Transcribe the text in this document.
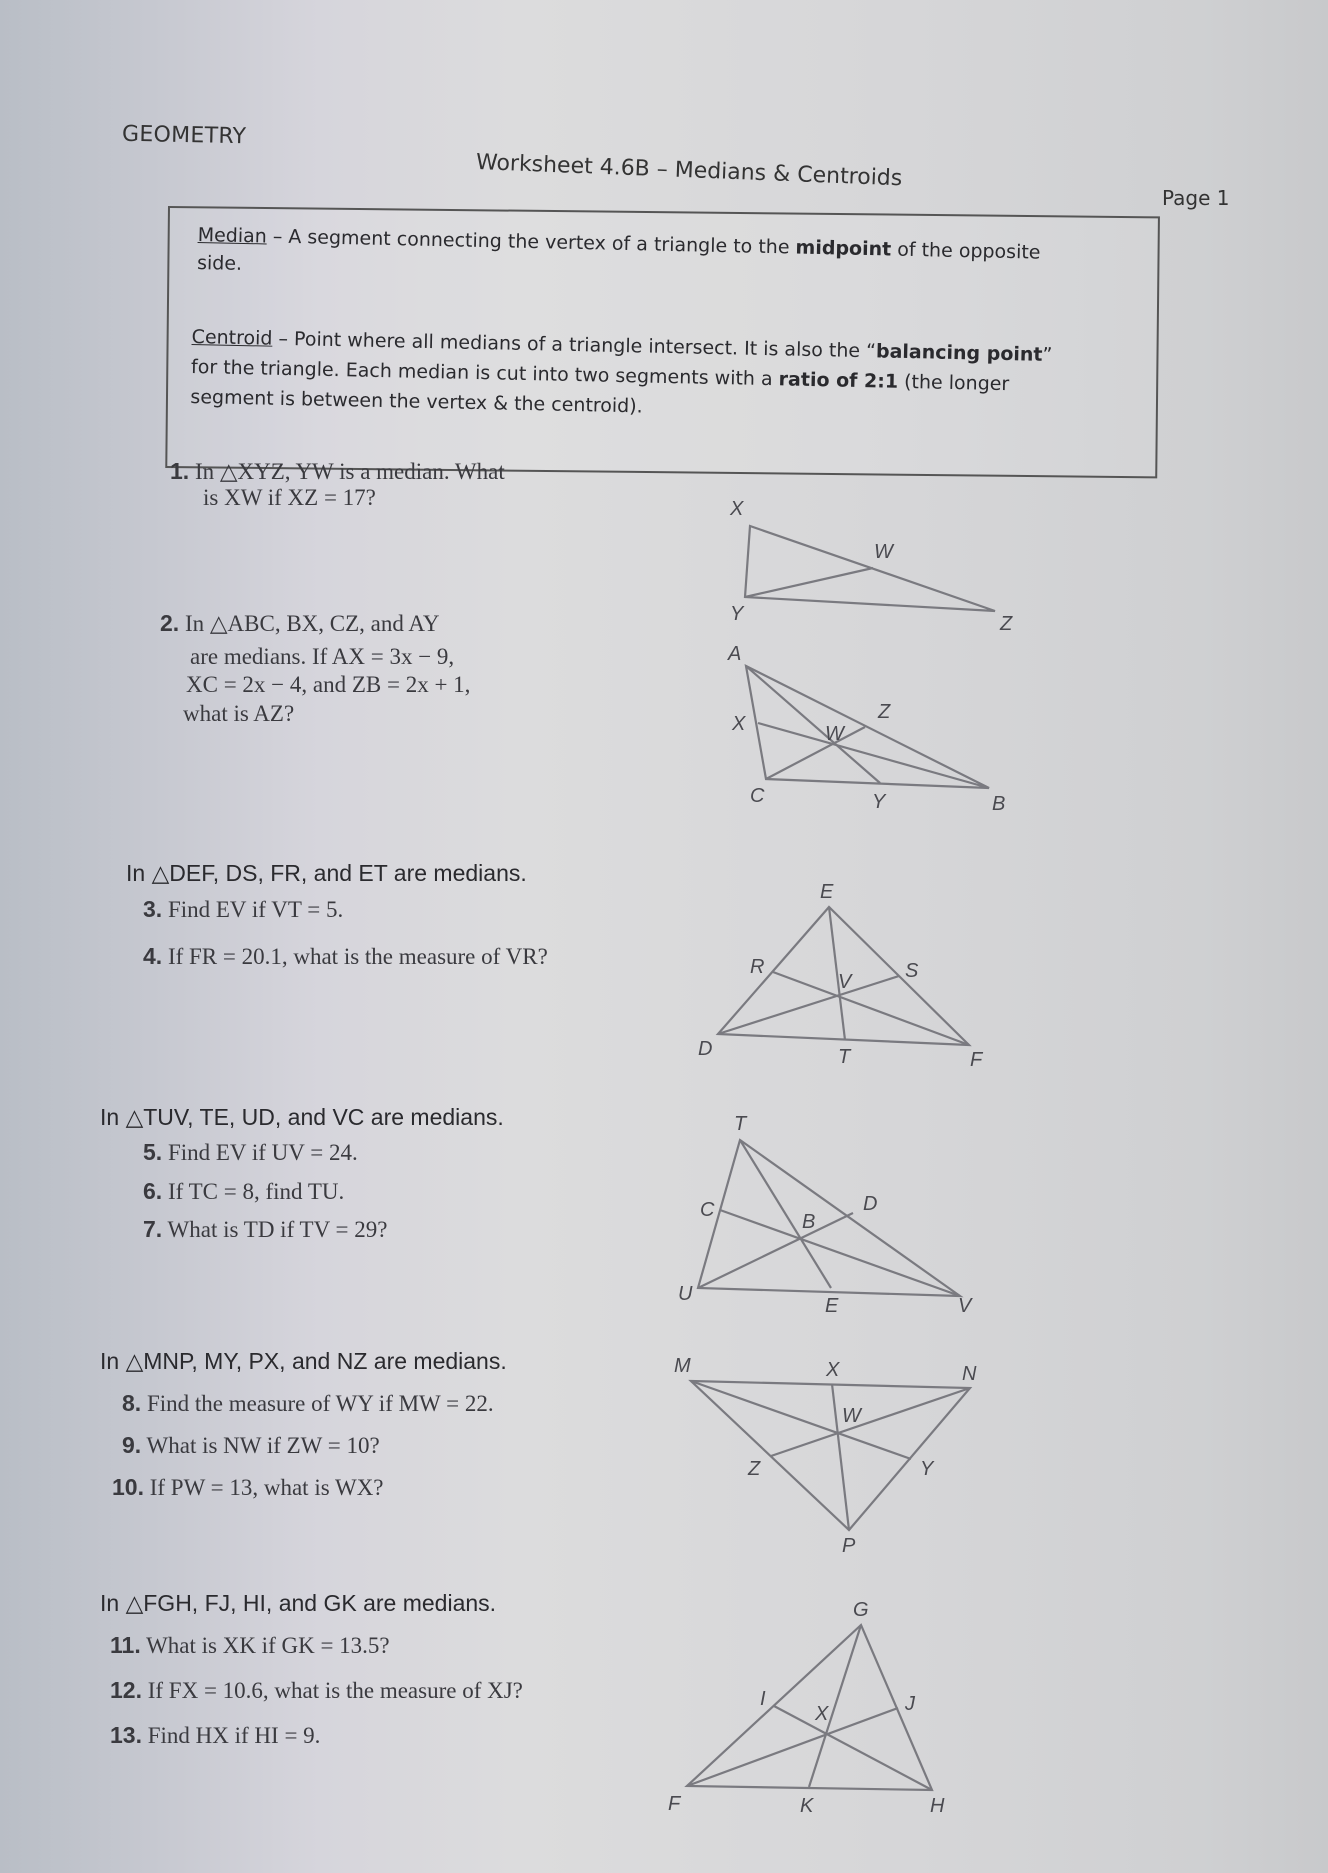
GEOMETRY
Worksheet 4.6B – Medians & Centroids
Page 1
Median – A segment connecting the vertex of a triangle to the midpoint of the opposite
side.
Centroid – Point where all medians of a triangle intersect. It is also the “balancing point”
for the triangle. Each median is cut into two segments with a ratio of 2:1 (the longer
segment is between the vertex & the centroid).
1. In △XYZ, YW is a median. What
is XW if XZ = 17?	X
W
Y	Z
2. In △ABC, BX, CZ, and AY
are medians. If AX = 3x − 9,
XC = 2x − 4, and ZB = 2x + 1,
what is AZ?
A
X
Z
W
C	Y	B
In △DEF, DS, FR, and ET are medians.
3. Find EV if VT = 5.
4. If FR = 20.1, what is the measure of VR?
E
R	S
V
D	T	F
In △TUV, TE, UD, and VC are medians.
5. Find EV if UV = 24.
6. If TC = 8, find TU.
7. What is TD if TV = 29?
T
C	D
B
U
E	V
In △MNP, MY, PX, and NZ are medians.
8. Find the measure of WY if MW = 22.
9. What is NW if ZW = 10?
10. If PW = 13, what is WX?
M	X	N
W
Z	Y
P
In △FGH, FJ, HI, and GK are medians.
11. What is XK if GK = 13.5?
12. If FX = 10.6, what is the measure of XJ?
13. Find HX if HI = 9.
G
I	J
X
F	K	H
